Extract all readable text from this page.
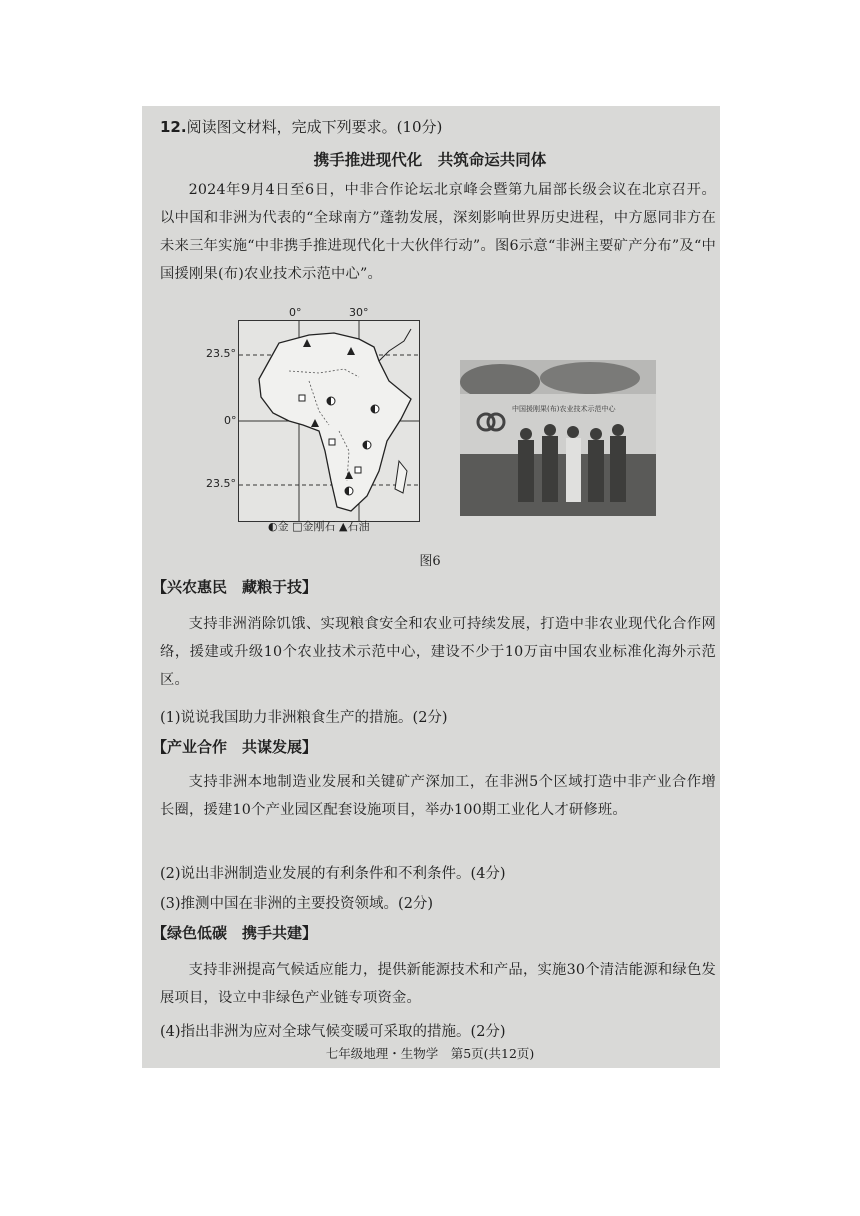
12.阅读图文材料，完成下列要求。(10分)
携手推进现代化　共筑命运共同体
2024年9月4日至6日，中非合作论坛北京峰会暨第九届部长级会议在北京召开。以中国和非洲为代表的“全球南方”蓬勃发展，深刻影响世界历史进程，中方愿同非方在未来三年实施“中非携手推进现代化十大伙伴行动”。图6示意“非洲主要矿产分布”及“中国援刚果(布)农业技术示范中心”。
0°	30°
23.5°
0°
23.5°
◐金 □金刚石 ▲石油
中国援刚果(布)农业技术示范中心
图6
【兴农惠民　藏粮于技】
支持非洲消除饥饿、实现粮食安全和农业可持续发展，打造中非农业现代化合作网络，援建或升级10个农业技术示范中心，建设不少于10万亩中国农业标准化海外示范区。
(1)说说我国助力非洲粮食生产的措施。(2分)
【产业合作　共谋发展】
支持非洲本地制造业发展和关键矿产深加工，在非洲5个区域打造中非产业合作增长圈，援建10个产业园区配套设施项目，举办100期工业化人才研修班。
(2)说出非洲制造业发展的有利条件和不利条件。(4分)
(3)推测中国在非洲的主要投资领域。(2分)
【绿色低碳　携手共建】
支持非洲提高气候适应能力，提供新能源技术和产品，实施30个清洁能源和绿色发展项目，设立中非绿色产业链专项资金。
(4)指出非洲为应对全球气候变暖可采取的措施。(2分)
七年级地理・生物学　第5页(共12页)
